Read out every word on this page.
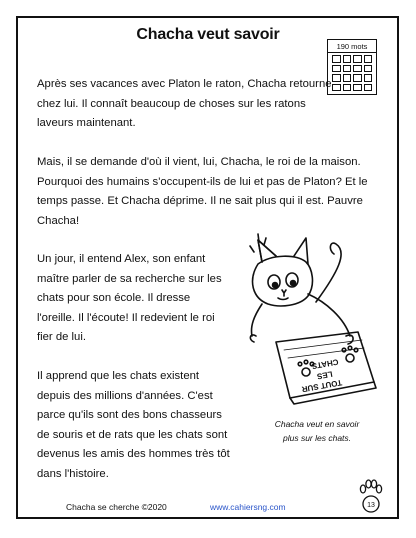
Chacha veut savoir
190 mots

Après ses vacances avec Platon le raton, Chacha retourne chez lui. Il connaît beaucoup de choses sur les ratons laveurs maintenant.

Mais, il se demande d'où il vient, lui, Chacha, le roi de la maison. Pourquoi des humains s'occupent-ils de lui et pas de Platon? Et le temps passe. Et Chacha déprime. Il ne sait plus qui il est. Pauvre Chacha!

Un jour, il entend Alex, son enfant maître parler de sa recherche sur les chats pour son école. Il dresse l'oreille. Il l'écoute! Il redevient le roi fier de lui.

Il apprend que les chats existent depuis des millions d'années. C'est parce qu'ils sont des bons chasseurs de souris et de rats que les chats sont devenus les amis des hommes très tôt dans l'histoire.

TOUT SUR
LES
CHATS
Chacha veut en savoir
plus sur les chats.
Chacha se cherche ©2020	www.cahiersng.com	13
